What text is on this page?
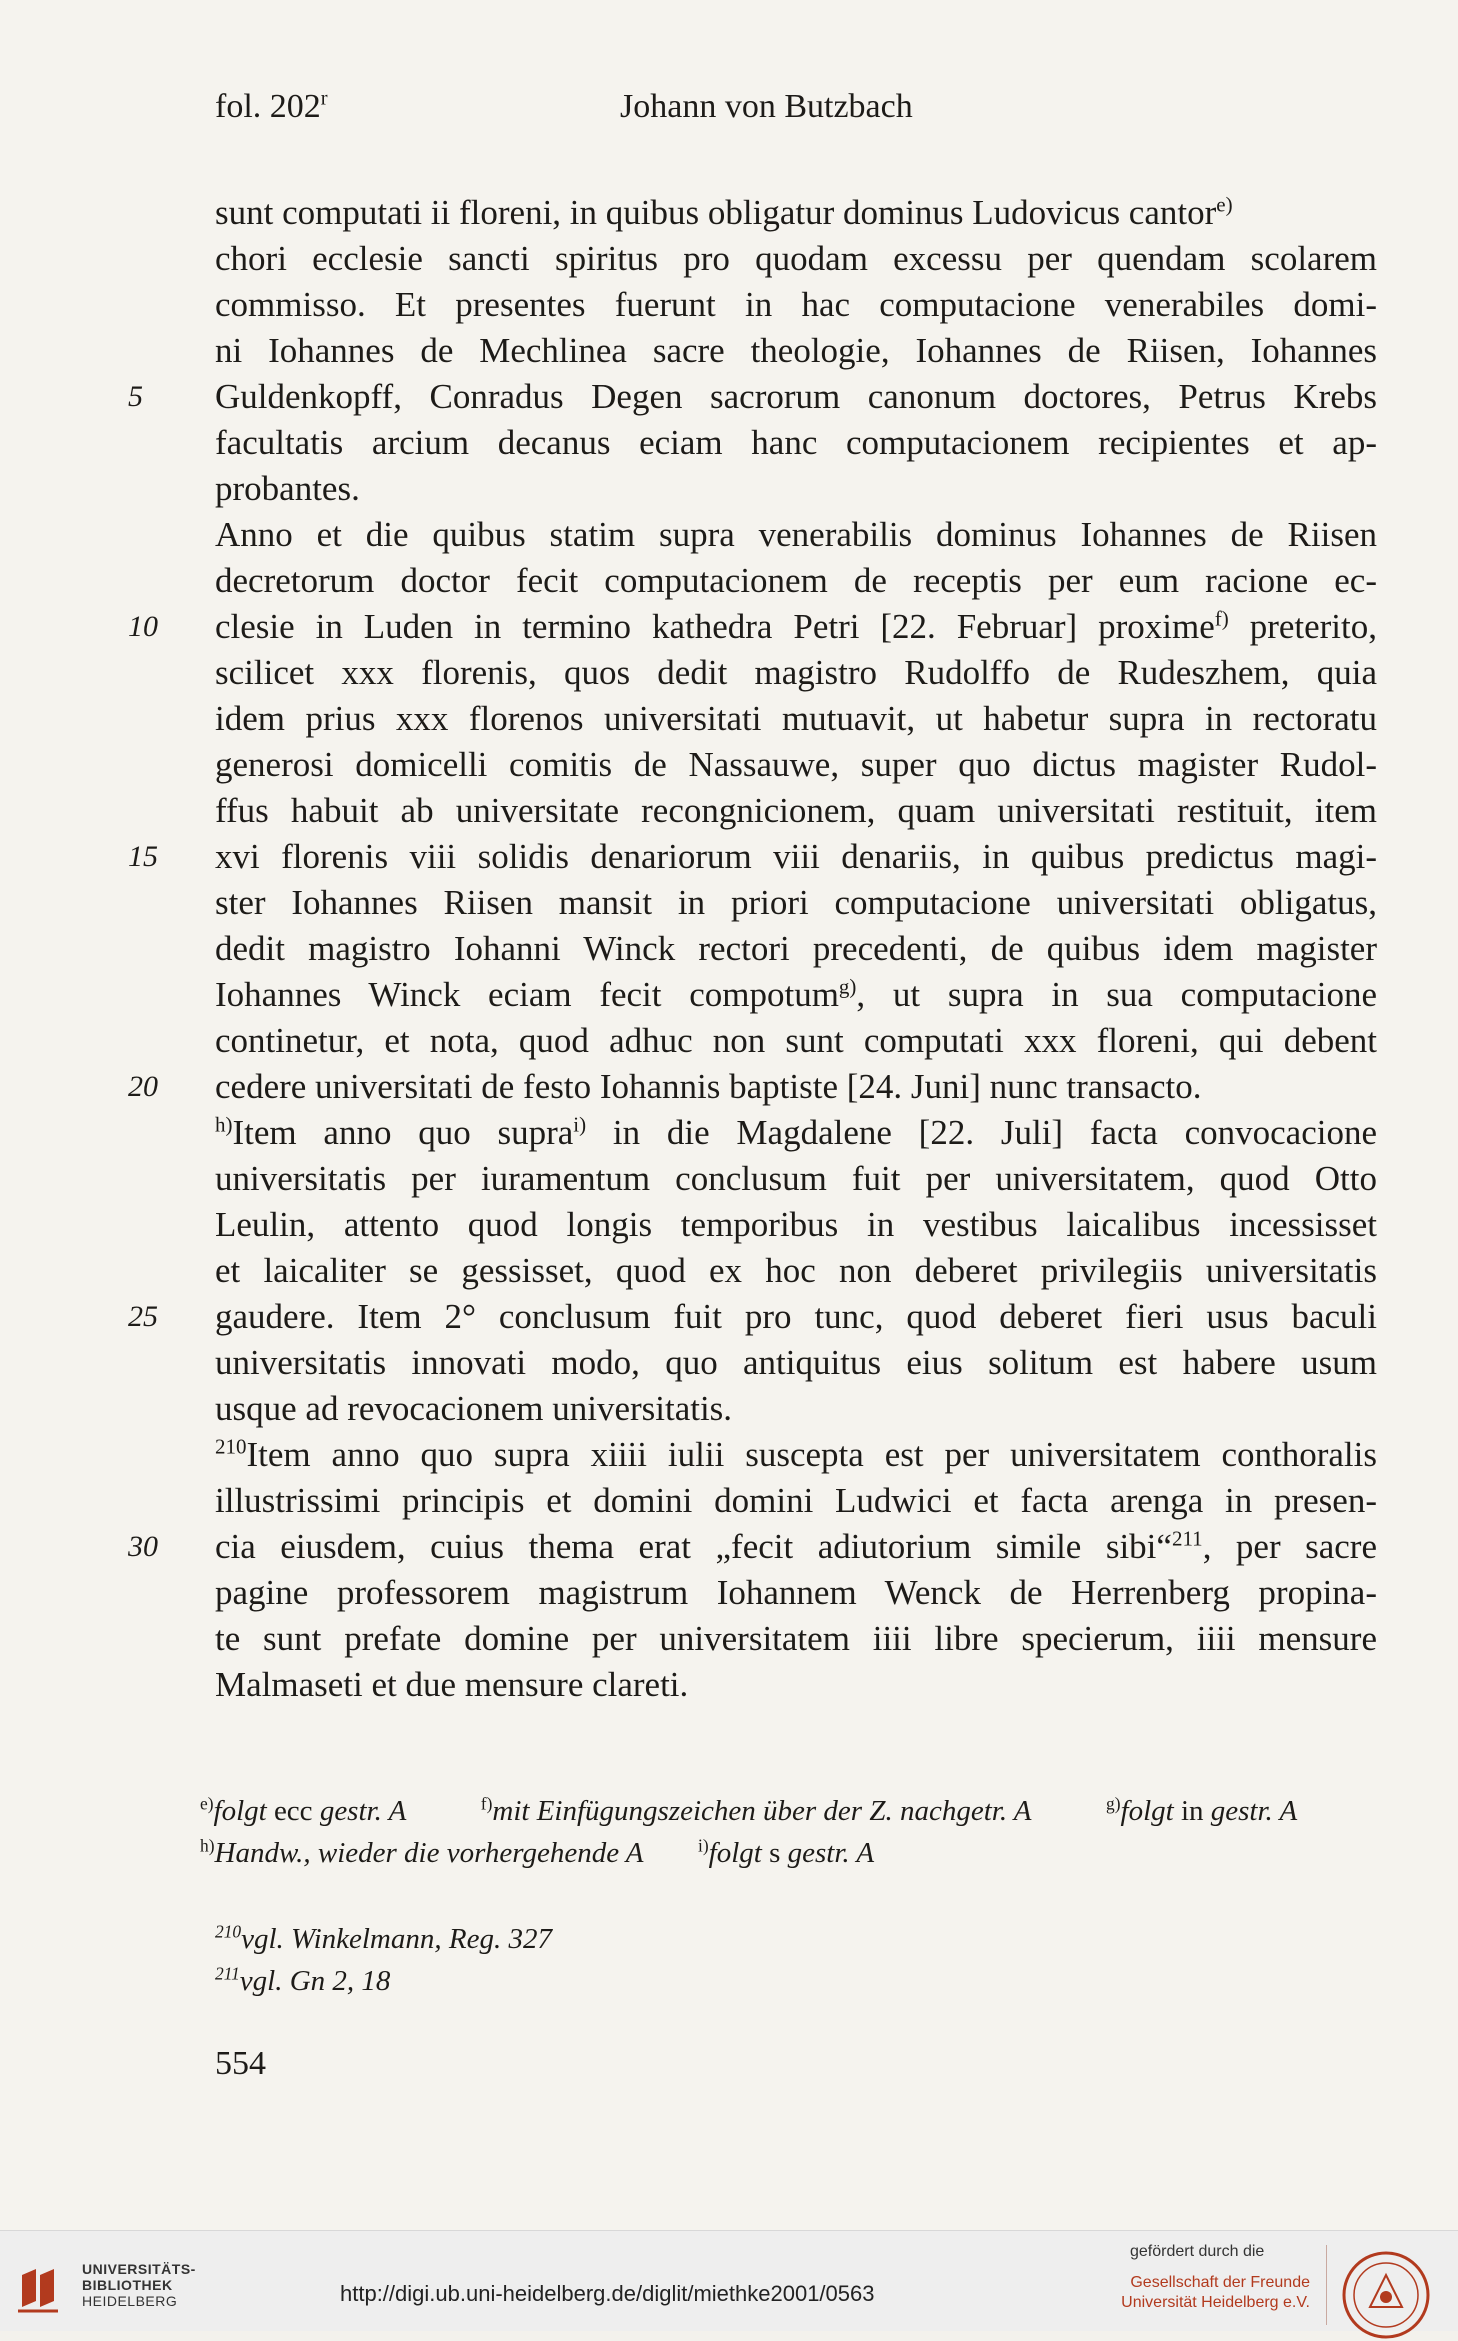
fol. 202$^r$	Johann von Butzbach
sunt computati ii floreni, in quibus obligatur dominus Ludovicus cantor$^{e)}$
chori ecclesie sancti spiritus pro quodam excessu per quendam scolarem
commisso. Et presentes fuerunt in hac computacione venerabiles domi-
ni Iohannes de Mechlinea sacre theologie, Iohannes de Riisen, Iohannes
Guldenkopff, Conradus Degen sacrorum canonum doctores, Petrus Krebs
facultatis arcium decanus eciam hanc computacionem recipientes et ap-
probantes.
Anno et die quibus statim supra venerabilis dominus Iohannes de Riisen
decretorum doctor fecit computacionem de receptis per eum racione ec-
clesie in Luden in termino kathedra Petri [22. Februar] proxime$^{f)}$ preterito,
scilicet xxx florenis, quos dedit magistro Rudolffo de Rudeszhem, quia
idem prius xxx florenos universitati mutuavit, ut habetur supra in rectoratu
generosi domicelli comitis de Nassauwe, super quo dictus magister Rudol-
ffus habuit ab universitate recongnicionem, quam universitati restituit, item
xvi florenis viii solidis denariorum viii denariis, in quibus predictus magi-
ster Iohannes Riisen mansit in priori computacione universitati obligatus,
dedit magistro Iohanni Winck rectori precedenti, de quibus idem magister
Iohannes Winck eciam fecit compotum$^{g)}$, ut supra in sua computacione
continetur, et nota, quod adhuc non sunt computati xxx floreni, qui debent
cedere universitati de festo Iohannis baptiste [24. Juni] nunc transacto.
$^{h)}$Item anno quo supra$^{i)}$ in die Magdalene [22. Juli] facta convocacione
universitatis per iuramentum conclusum fuit per universitatem, quod Otto
Leulin, attento quod longis temporibus in vestibus laicalibus incessisset
et laicaliter se gessisset, quod ex hoc non deberet privilegiis universitatis
gaudere. Item 2° conclusum fuit pro tunc, quod deberet fieri usus baculi
universitatis innovati modo, quo antiquitus eius solitum est habere usum
usque ad revocacionem universitatis.
$^{210}$Item anno quo supra xiiii iulii suscepta est per universitatem conthoralis
illustrissimi principis et domini domini Ludwici et facta arenga in presen-
cia eiusdem, cuius thema erat „fecit adiutorium simile sibi“$^{211}$, per sacre
pagine professorem magistrum Iohannem Wenck de Herrenberg propina-
te sunt prefate domine per universitatem iiii libre specierum, iiii mensure
Malmaseti et due mensure clareti.
5
10
15
20
25
30
$^{e)}$folgt ecc gestr. A	$^{f)}$mit Einfügungszeichen über der Z. nachgetr. A	$^{g)}$folgt in gestr. A
$^{h)}$Handw., wieder die vorhergehende A	$^{i)}$folgt s gestr. A
$^{210}$vgl. Winkelmann, Reg. 327
$^{211}$vgl. Gn 2, 18
554
UNIVERSITÄTS-
BIBLIOTHEK
HEIDELBERG	http://digi.ub.uni-heidelberg.de/diglit/miethke2001/0563
gefördert durch die
Gesellschaft der Freunde
Universität Heidelberg e.V.
